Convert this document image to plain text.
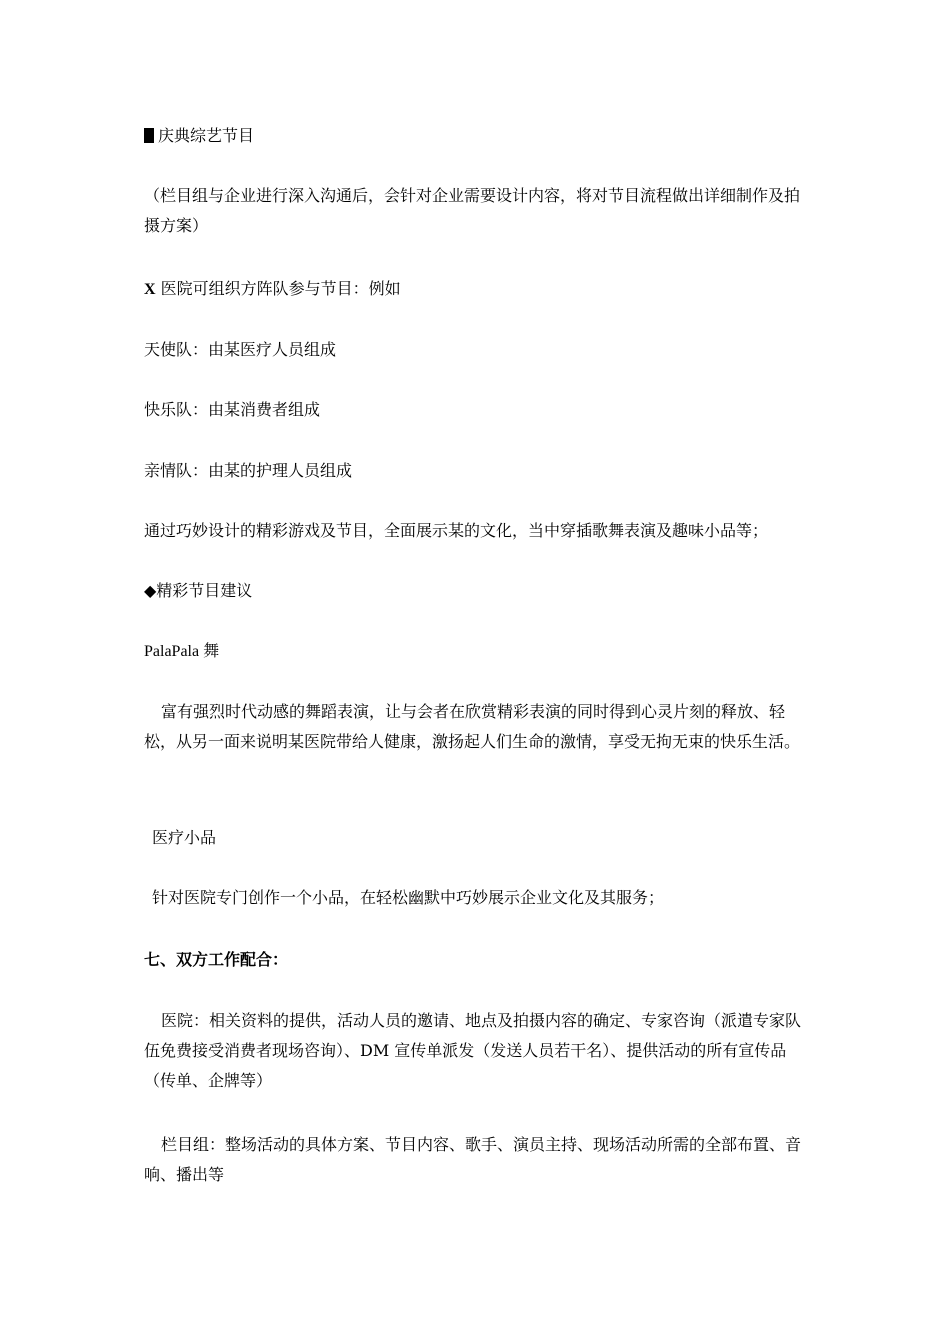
庆典综艺节目

（栏目组与企业进行深入沟通后，会针对企业需要设计内容，将对节目流程做出详细制作及拍摄方案）

X 医院可组织方阵队参与节目：例如

天使队：由某医疗人员组成

快乐队：由某消费者组成

亲情队：由某的护理人员组成

通过巧妙设计的精彩游戏及节目，全面展示某的文化，当中穿插歌舞表演及趣味小品等；

◆精彩节目建议

PalaPala 舞

富有强烈时代动感的舞蹈表演，让与会者在欣赏精彩表演的同时得到心灵片刻的释放、轻松，从另一面来说明某医院带给人健康，激扬起人们生命的激情，享受无拘无束的快乐生活。

医疗小品

针对医院专门创作一个小品，在轻松幽默中巧妙展示企业文化及其服务；

七、双方工作配合：

医院：相关资料的提供，活动人员的邀请、地点及拍摄内容的确定、专家咨询（派遣专家队伍免费接受消费者现场咨询）、DM 宣传单派发（发送人员若干名）、提供活动的所有宣传品（传单、企牌等）

栏目组：整场活动的具体方案、节目内容、歌手、演员主持、现场活动所需的全部布置、音响、播出等
